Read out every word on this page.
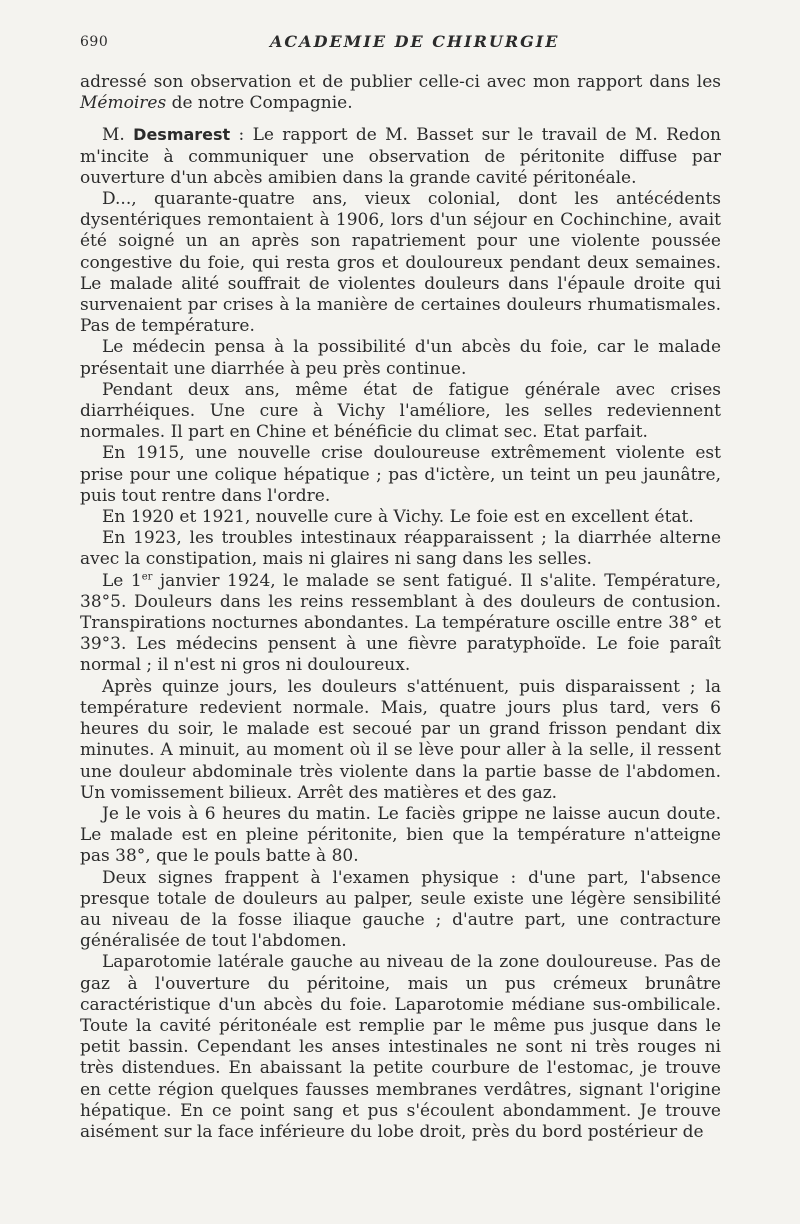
690	ACADEMIE DE CHIRURGIE

adressé son observation et de publier celle-ci avec mon rapport dans les Mémoires de notre Compagnie.

M. Desmarest : Le rapport de M. Basset sur le travail de M. Redon m'incite à communiquer une observation de péritonite diffuse par ouverture d'un abcès amibien dans la grande cavité péritonéale.

D..., quarante-quatre ans, vieux colonial, dont les antécédents dysentériques remontaient à 1906, lors d'un séjour en Cochinchine, avait été soigné un an après son rapatriement pour une violente poussée congestive du foie, qui resta gros et douloureux pendant deux semaines. Le malade alité souffrait de violentes douleurs dans l'épaule droite qui survenaient par crises à la manière de certaines douleurs rhumatismales. Pas de température.

Le médecin pensa à la possibilité d'un abcès du foie, car le malade présentait une diarrhée à peu près continue.

Pendant deux ans, même état de fatigue générale avec crises diarrhéiques. Une cure à Vichy l'améliore, les selles redeviennent normales. Il part en Chine et bénéficie du climat sec. Etat parfait.

En 1915, une nouvelle crise douloureuse extrêmement violente est prise pour une colique hépatique ; pas d'ictère, un teint un peu jaunâtre, puis tout rentre dans l'ordre.

En 1920 et 1921, nouvelle cure à Vichy. Le foie est en excellent état.

En 1923, les troubles intestinaux réapparaissent ; la diarrhée alterne avec la constipation, mais ni glaires ni sang dans les selles.

Le 1er janvier 1924, le malade se sent fatigué. Il s'alite. Température, 38°5. Douleurs dans les reins ressemblant à des douleurs de contusion. Transpirations nocturnes abondantes. La température oscille entre 38° et 39°3. Les médecins pensent à une fièvre paratyphoïde. Le foie paraît normal ; il n'est ni gros ni douloureux.

Après quinze jours, les douleurs s'atténuent, puis disparaissent ; la température redevient normale. Mais, quatre jours plus tard, vers 6 heures du soir, le malade est secoué par un grand frisson pendant dix minutes. A minuit, au moment où il se lève pour aller à la selle, il ressent une douleur abdominale très violente dans la partie basse de l'abdomen. Un vomissement bilieux. Arrêt des matières et des gaz.

Je le vois à 6 heures du matin. Le faciès grippe ne laisse aucun doute. Le malade est en pleine péritonite, bien que la température n'atteigne pas 38°, que le pouls batte à 80.

Deux signes frappent à l'examen physique : d'une part, l'absence presque totale de douleurs au palper, seule existe une légère sensibilité au niveau de la fosse iliaque gauche ; d'autre part, une contracture généralisée de tout l'abdomen.

Laparotomie latérale gauche au niveau de la zone douloureuse. Pas de gaz à l'ouverture du péritoine, mais un pus crémeux brunâtre caractéristique d'un abcès du foie. Laparotomie médiane sus-ombilicale. Toute la cavité péritonéale est remplie par le même pus jusque dans le petit bassin. Cependant les anses intestinales ne sont ni très rouges ni très distendues. En abaissant la petite courbure de l'estomac, je trouve en cette région quelques fausses membranes verdâtres, signant l'origine hépatique. En ce point sang et pus s'écoulent abondamment. Je trouve aisément sur la face inférieure du lobe droit, près du bord postérieur de
